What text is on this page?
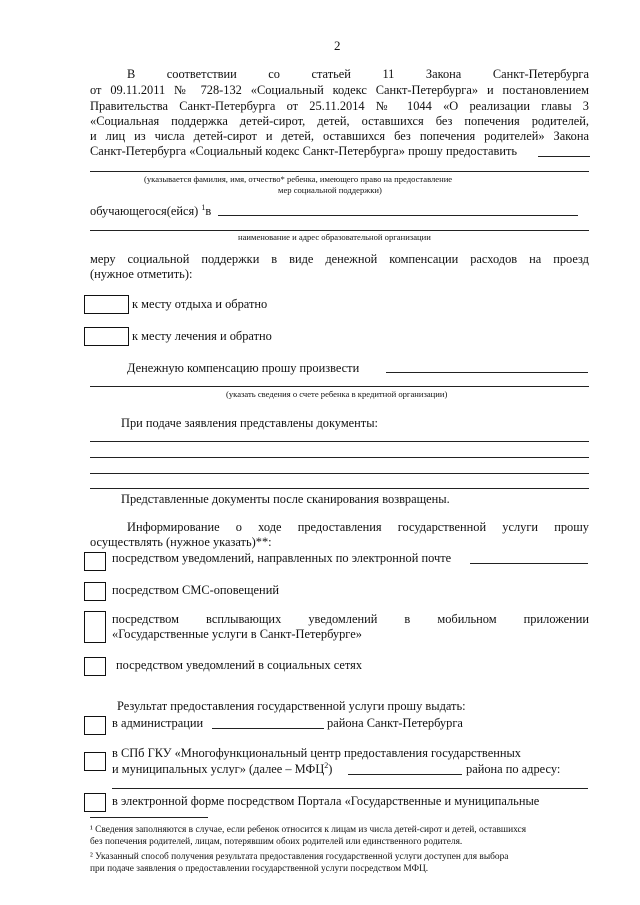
2
В	соответствии	со	статьей	11	Закона	Санкт-Петербурга
от 09.11.2011 № 728-132 «Социальный кодекс Санкт-Петербурга» и постановлением
Правительства Санкт-Петербурга от 25.11.2014 № 1044 «О реализации главы 3
«Социальная поддержка детей-сирот, детей, оставшихся без попечения родителей,
и лиц из числа детей-сирот и детей, оставшихся без попечения родителей» Закона
Санкт-Петербурга «Социальный кодекс Санкт-Петербурга» прошу предоставить
(указывается фамилия, имя, отчество* ребенка, имеющего право на предоставление
мер социальной поддержки)
обучающегося(ейся) $^1$в
наименование и адрес образовательной организации
меру социальной поддержки в виде денежной компенсации расходов на проезд
(нужное отметить):
к месту отдыха и обратно
к месту лечения и обратно
Денежную компенсацию прошу произвести
(указать сведения о счете ребенка в кредитной организации)
При подаче заявления представлены документы:
Представленные документы после сканирования возвращены.
Информирование о ходе предоставления государственной услуги прошу
осуществлять (нужное указать)**:
посредством уведомлений, направленных по электронной почте
посредством СМС-оповещений
посредством всплывающих уведомлений в мобильном приложении
«Государственные услуги в Санкт-Петербурге»
посредством уведомлений в социальных сетях
Результат предоставления государственной услуги прошу выдать:
в администрации	района Санкт-Петербурга
в СПб ГКУ «Многофункциональный центр предоставления государственных
и муниципальных услуг» (далее – МФЦ$^2$)	района по адресу:
в электронной форме посредством Портала «Государственные и муниципальные
¹ Сведения заполняются в случае, если ребенок относится к лицам из числа детей-сирот и детей, оставшихся
без попечения родителей, лицам, потерявшим обоих родителей или единственного родителя.
² Указанный способ получения результата предоставления государственной услуги доступен для выбора
при подаче заявления о предоставлении государственной услуги посредством МФЦ.
